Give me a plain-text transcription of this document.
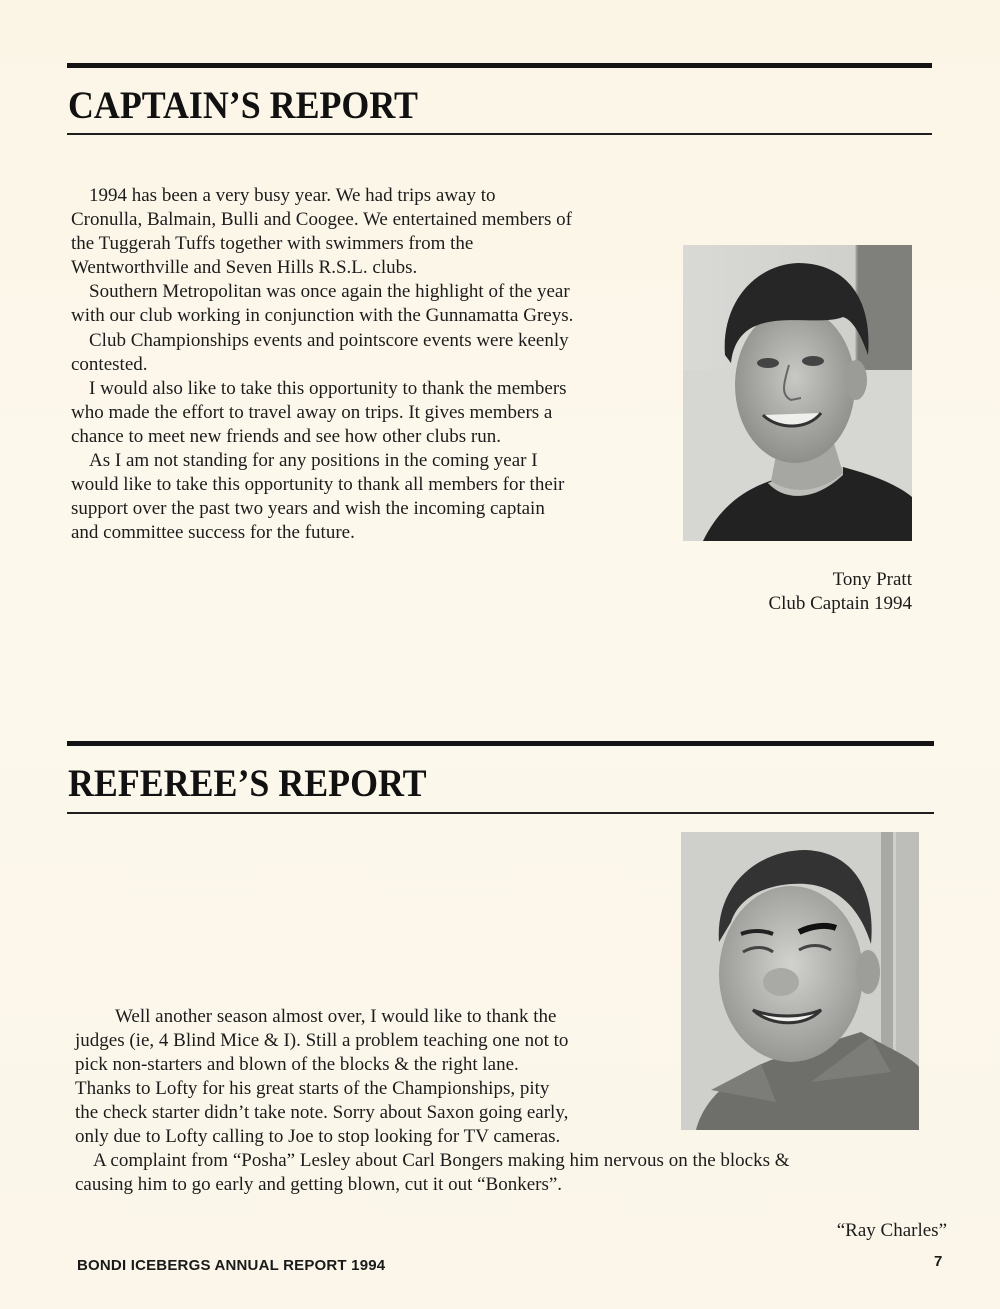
CAPTAIN’S REPORT
1994 has been a very busy year. We had trips away to
Cronulla, Balmain, Bulli and Coogee. We entertained members of
the Tuggerah Tuffs together with swimmers from the
Wentworthville and Seven Hills R.S.L. clubs.
Southern Metropolitan was once again the highlight of the year
with our club working in conjunction with the Gunnamatta Greys.
Club Championships events and pointscore events were keenly
contested.
I would also like to take this opportunity to thank the members
who made the effort to travel away on trips. It gives members a
chance to meet new friends and see how other clubs run.
As I am not standing for any positions in the coming year I
would like to take this opportunity to thank all members for their
support over the past two years and wish the incoming captain
and committee success for the future.
Tony Pratt
Club Captain 1994
REFEREE’S REPORT
Well another season almost over, I would like to thank the
judges (ie, 4 Blind Mice & I). Still a problem teaching one not to
pick non-starters and blown of the blocks & the right lane.
Thanks to Lofty for his great starts of the Championships, pity
the check starter didn’t take note. Sorry about Saxon going early,
only due to Lofty calling to Joe to stop looking for TV cameras.
A complaint from “Posha” Lesley about Carl Bongers making him nervous on the blocks &
causing him to go early and getting blown, cut it out “Bonkers”.
“Ray Charles”
BONDI ICEBERGS ANNUAL REPORT 1994	7
